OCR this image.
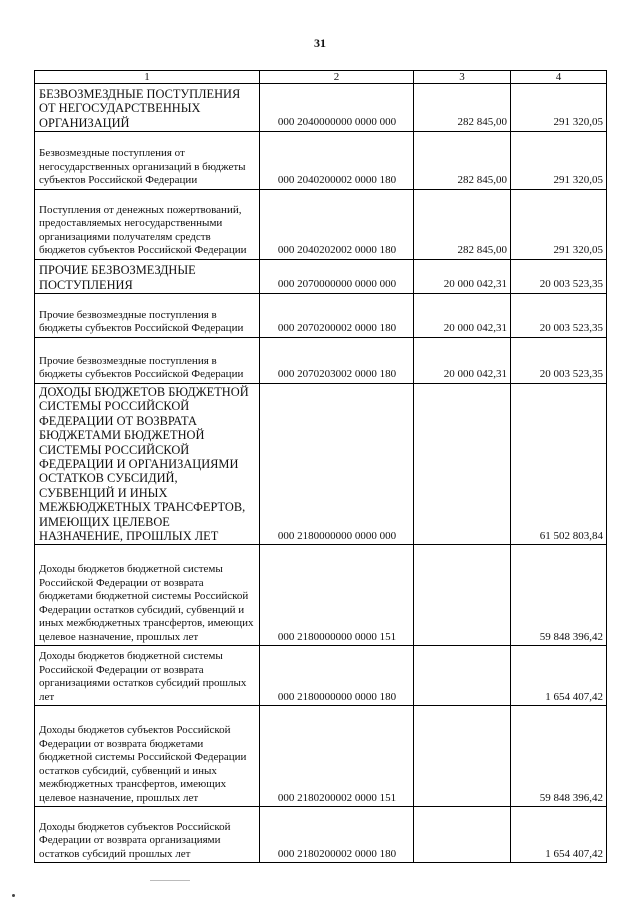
31
1	2	3	4
БЕЗВОЗМЕЗДНЫЕ ПОСТУПЛЕНИЯ ОТ НЕГОСУДАРСТВЕННЫХ ОРГАНИЗАЦИЙ	000 2040000000 0000 000	282 845,00	291 320,05
Безвозмездные поступления от негосударственных организаций в бюджеты субъектов Российской Федерации	000 2040200002 0000 180	282 845,00	291 320,05
Поступления от денежных пожертвований, предоставляемых негосударственными организациями получателям средств бюджетов субъектов Российской Федерации	000 2040202002 0000 180	282 845,00	291 320,05
ПРОЧИЕ БЕЗВОЗМЕЗДНЫЕ ПОСТУПЛЕНИЯ	000 2070000000 0000 000	20 000 042,31	20 003 523,35
Прочие безвозмездные поступления в бюджеты субъектов Российской Федерации	000 2070200002 0000 180	20 000 042,31	20 003 523,35
Прочие безвозмездные поступления в бюджеты субъектов Российской Федерации	000 2070203002 0000 180	20 000 042,31	20 003 523,35
ДОХОДЫ БЮДЖЕТОВ БЮДЖЕТНОЙ СИСТЕМЫ РОССИЙСКОЙ ФЕДЕРАЦИИ ОТ ВОЗВРАТА БЮДЖЕТАМИ БЮДЖЕТНОЙ СИСТЕМЫ РОССИЙСКОЙ ФЕДЕРАЦИИ И ОРГАНИЗАЦИЯМИ ОСТАТКОВ СУБСИДИЙ, СУБВЕНЦИЙ И ИНЫХ МЕЖБЮДЖЕТНЫХ ТРАНСФЕРТОВ, ИМЕЮЩИХ ЦЕЛЕВОЕ НАЗНАЧЕНИЕ, ПРОШЛЫХ ЛЕТ	000 2180000000 0000 000		61 502 803,84
Доходы бюджетов бюджетной системы Российской Федерации от возврата бюджетами бюджетной системы Российской Федерации остатков субсидий, субвенций и иных межбюджетных трансфертов, имеющих целевое назначение, прошлых лет	000 2180000000 0000 151		59 848 396,42
Доходы бюджетов бюджетной системы Российской Федерации от возврата организациями остатков субсидий прошлых лет	000 2180000000 0000 180		1 654 407,42
Доходы бюджетов субъектов Российской Федерации от возврата бюджетами бюджетной системы Российской Федерации остатков субсидий, субвенций и иных межбюджетных трансфертов, имеющих целевое назначение, прошлых лет	000 2180200002 0000 151		59 848 396,42
Доходы бюджетов субъектов Российской Федерации от возврата организациями остатков субсидий прошлых лет	000 2180200002 0000 180		1 654 407,42
